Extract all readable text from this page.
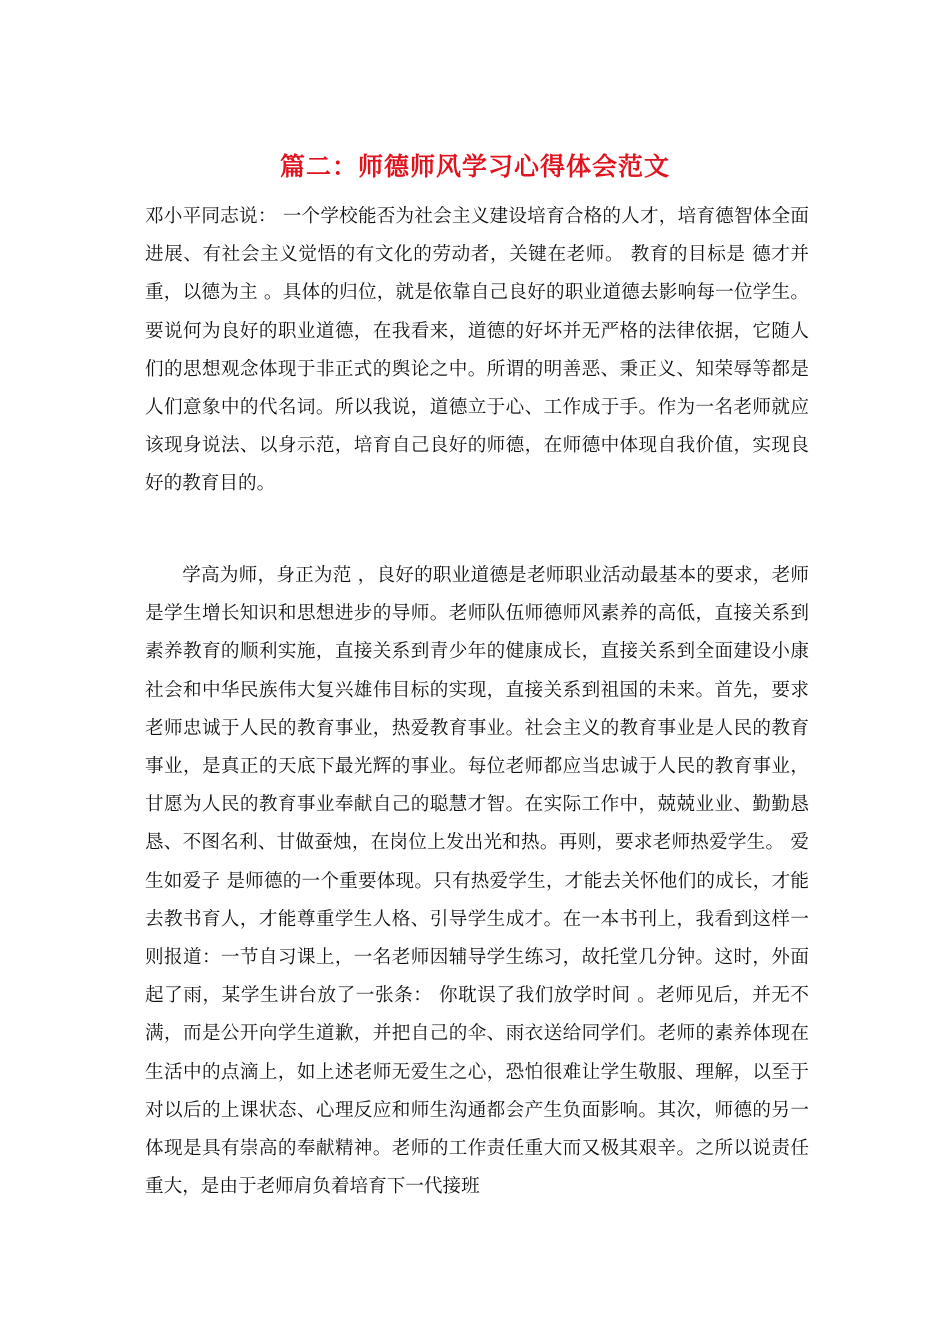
篇二：师德师风学习心得体会范文

邓小平同志说： 一个学校能否为社会主义建设培育合格的人才，培育德智体全面进展、有社会主义觉悟的有文化的劳动者，关键在老师。 教育的目标是 德才并重，以德为主 。具体的归位，就是依靠自己良好的职业道德去影响每一位学生。要说何为良好的职业道德，在我看来，道德的好坏并无严格的法律依据，它随人们的思想观念体现于非正式的舆论之中。所谓的明善恶、秉正义、知荣辱等都是人们意象中的代名词。所以我说，道德立于心、工作成于手。作为一名老师就应该现身说法、以身示范，培育自己良好的师德，在师德中体现自我价值，实现良好的教育目的。

学高为师，身正为范 ，良好的职业道德是老师职业活动最基本的要求，老师是学生增长知识和思想进步的导师。老师队伍师德师风素养的高低，直接关系到素养教育的顺利实施，直接关系到青少年的健康成长，直接关系到全面建设小康社会和中华民族伟大复兴雄伟目标的实现，直接关系到祖国的未来。首先，要求老师忠诚于人民的教育事业，热爱教育事业。社会主义的教育事业是人民的教育事业，是真正的天底下最光辉的事业。每位老师都应当忠诚于人民的教育事业，甘愿为人民的教育事业奉献自己的聪慧才智。在实际工作中，兢兢业业、勤勤恳恳、不图名利、甘做蚕烛，在岗位上发出光和热。再则，要求老师热爱学生。 爱生如爱子 是师德的一个重要体现。只有热爱学生，才能去关怀他们的成长，才能去教书育人，才能尊重学生人格、引导学生成才。在一本书刊上，我看到这样一则报道：一节自习课上，一名老师因辅导学生练习，故托堂几分钟。这时，外面起了雨，某学生讲台放了一张条： 你耽误了我们放学时间 。老师见后，并无不满，而是公开向学生道歉，并把自己的伞、雨衣送给同学们。老师的素养体现在生活中的点滴上，如上述老师无爱生之心，恐怕很难让学生敬服、理解，以至于对以后的上课状态、心理反应和师生沟通都会产生负面影响。其次，师德的另一体现是具有崇高的奉献精神。老师的工作责任重大而又极其艰辛。之所以说责任重大，是由于老师肩负着培育下一代接班
